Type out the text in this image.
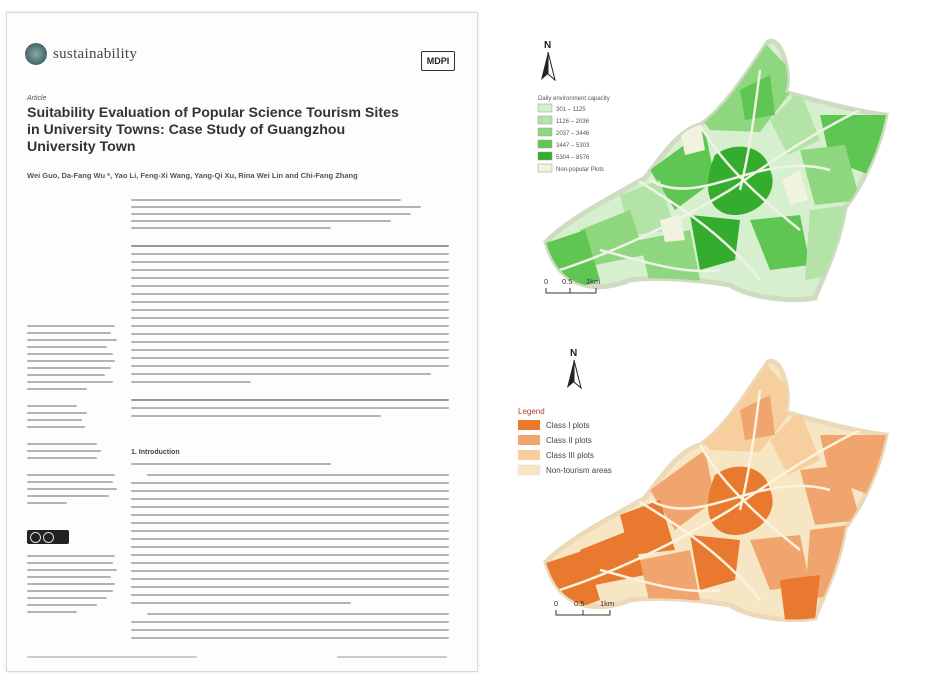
sustainability	MDPI
Article
Suitability Evaluation of Popular Science Tourism Sites in University Towns: Case Study of Guangzhou University Town
Wei Guo, Da-Fang Wu *, Yao Li, Feng-Xi Wang, Yang-Qi Xu, Rina Wei Lin and Chi-Fang Zhang
1. Introduction
Daily environment capacity
301 – 1125
1126 – 2036
2037 – 3446
3447 – 5303
5304 – 8576
Non-popular Plots
N
0 0.5 1km
Legend
Class I plots
Class II plots
Class III plots
Non-tourism areas
N
0 0.5 1km
